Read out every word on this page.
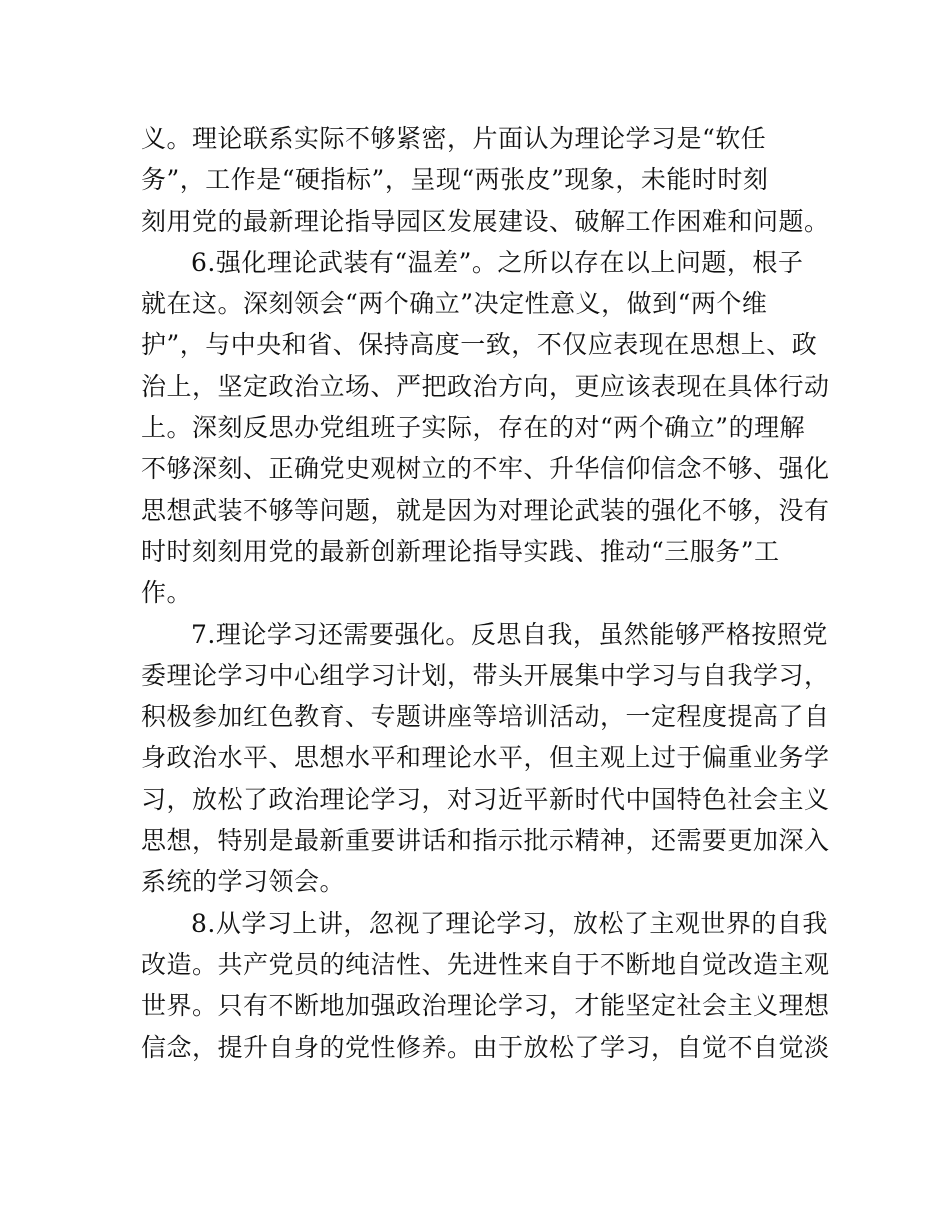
义。理论联系实际不够紧密，片面认为理论学习是“软任
务”，工作是“硬指标”，呈现“两张皮”现象，未能时时刻
刻用党的最新理论指导园区发展建设、破解工作困难和问题。
6.强化理论武装有“温差”。之所以存在以上问题，根子
就在这。深刻领会“两个确立”决定性意义，做到“两个维
护”，与中央和省、保持高度一致，不仅应表现在思想上、政
治上，坚定政治立场、严把政治方向，更应该表现在具体行动
上。深刻反思办党组班子实际，存在的对“两个确立”的理解
不够深刻、正确党史观树立的不牢、升华信仰信念不够、强化
思想武装不够等问题，就是因为对理论武装的强化不够，没有
时时刻刻用党的最新创新理论指导实践、推动“三服务”工
作。
7.理论学习还需要强化。反思自我，虽然能够严格按照党
委理论学习中心组学习计划，带头开展集中学习与自我学习，
积极参加红色教育、专题讲座等培训活动，一定程度提高了自
身政治水平、思想水平和理论水平，但主观上过于偏重业务学
习，放松了政治理论学习，对习近平新时代中国特色社会主义
思想，特别是最新重要讲话和指示批示精神，还需要更加深入
系统的学习领会。
8.从学习上讲，忽视了理论学习，放松了主观世界的自我
改造。共产党员的纯洁性、先进性来自于不断地自觉改造主观
世界。只有不断地加强政治理论学习，才能坚定社会主义理想
信念，提升自身的党性修养。由于放松了学习，自觉不自觉淡
